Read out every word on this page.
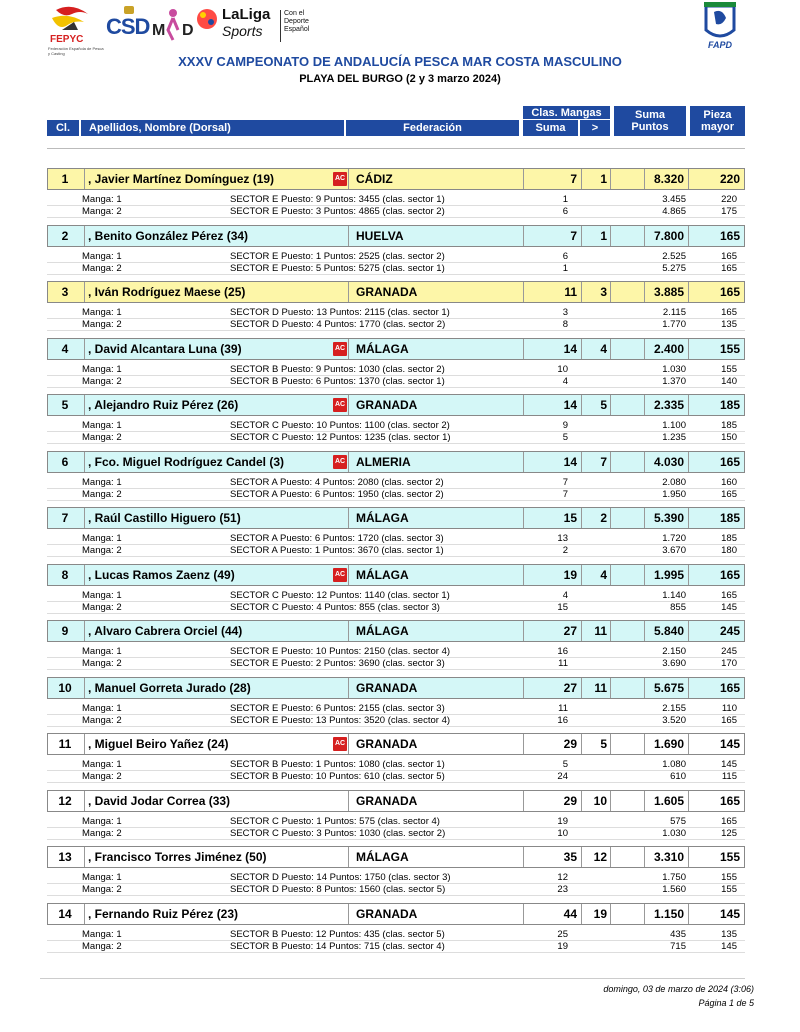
FEPYC
Federación Española de Pesca y Casting
CSD M D
LaLiga
Sports
Con el Deporte Español
FAPD
XXXV CAMPEONATO DE ANDALUCÍA PESCA MAR COSTA MASCULINO
PLAYA DEL BURGO (2 y 3 marzo 2024)
Cl.	Apellidos, Nombre (Dorsal)	Federación
Clas. Mangas
Suma	>
Suma Puntos
Pieza mayor
1	, Javier Martínez Domínguez (19)	AC CÁDIZ	7	1	8.320	220
Manga: 1	SECTOR E Puesto: 9 Puntos: 3455 (clas. sector 1)	1	3.455	220
Manga: 2	SECTOR E Puesto: 3 Puntos: 4865 (clas. sector 2)	6	4.865	175
2	, Benito González Pérez (34)	HUELVA	7	1	7.800	165
Manga: 1	SECTOR E Puesto: 1 Puntos: 2525 (clas. sector 2)	6	2.525	165
Manga: 2	SECTOR E Puesto: 5 Puntos: 5275 (clas. sector 1)	1	5.275	165
3	, Iván Rodríguez Maese (25)	GRANADA	11	3	3.885	165
Manga: 1	SECTOR D Puesto: 13 Puntos: 2115 (clas. sector 1)	3	2.115	165
Manga: 2	SECTOR D Puesto: 4 Puntos: 1770 (clas. sector 2)	8	1.770	135
4	, David Alcantara Luna (39)	AC MÁLAGA	14	4	2.400	155
Manga: 1	SECTOR B Puesto: 9 Puntos: 1030 (clas. sector 2)	10	1.030	155
Manga: 2	SECTOR B Puesto: 6 Puntos: 1370 (clas. sector 1)	4	1.370	140
5	, Alejandro Ruiz Pérez (26)	AC GRANADA	14	5	2.335	185
Manga: 1	SECTOR C Puesto: 10 Puntos: 1100 (clas. sector 2)	9	1.100	185
Manga: 2	SECTOR C Puesto: 12 Puntos: 1235 (clas. sector 1)	5	1.235	150
6	, Fco. Miguel Rodríguez Candel (3)	AC ALMERIA	14	7	4.030	165
Manga: 1	SECTOR A Puesto: 4 Puntos: 2080 (clas. sector 2)	7	2.080	160
Manga: 2	SECTOR A Puesto: 6 Puntos: 1950 (clas. sector 2)	7	1.950	165
7	, Raúl Castillo Higuero (51)	MÁLAGA	15	2	5.390	185
Manga: 1	SECTOR A Puesto: 6 Puntos: 1720 (clas. sector 3)	13	1.720	185
Manga: 2	SECTOR A Puesto: 1 Puntos: 3670 (clas. sector 1)	2	3.670	180
8	, Lucas Ramos Zaenz (49)	AC MÁLAGA	19	4	1.995	165
Manga: 1	SECTOR C Puesto: 12 Puntos: 1140 (clas. sector 1)	4	1.140	165
Manga: 2	SECTOR C Puesto: 4 Puntos: 855 (clas. sector 3)	15	855	145
9	, Alvaro Cabrera Orciel (44)	MÁLAGA	27	11	5.840	245
Manga: 1	SECTOR E Puesto: 10 Puntos: 2150 (clas. sector 4)	16	2.150	245
Manga: 2	SECTOR E Puesto: 2 Puntos: 3690 (clas. sector 3)	11	3.690	170
10	, Manuel Gorreta Jurado (28)	GRANADA	27	11	5.675	165
Manga: 1	SECTOR E Puesto: 6 Puntos: 2155 (clas. sector 3)	11	2.155	110
Manga: 2	SECTOR E Puesto: 13 Puntos: 3520 (clas. sector 4)	16	3.520	165
11	, Miguel Beiro Yañez (24)	AC GRANADA	29	5	1.690	145
Manga: 1	SECTOR B Puesto: 1 Puntos: 1080 (clas. sector 1)	5	1.080	145
Manga: 2	SECTOR B Puesto: 10 Puntos: 610 (clas. sector 5)	24	610	115
12	, David Jodar Correa (33)	GRANADA	29	10	1.605	165
Manga: 1	SECTOR C Puesto: 1 Puntos: 575 (clas. sector 4)	19	575	165
Manga: 2	SECTOR C Puesto: 3 Puntos: 1030 (clas. sector 2)	10	1.030	125
13	, Francisco Torres Jiménez (50)	MÁLAGA	35	12	3.310	155
Manga: 1	SECTOR D Puesto: 14 Puntos: 1750 (clas. sector 3)	12	1.750	155
Manga: 2	SECTOR D Puesto: 8 Puntos: 1560 (clas. sector 5)	23	1.560	155
14	, Fernando Ruiz Pérez (23)	GRANADA	44	19	1.150	145
Manga: 1	SECTOR B Puesto: 12 Puntos: 435 (clas. sector 5)	25	435	135
Manga: 2	SECTOR B Puesto: 14 Puntos: 715 (clas. sector 4)	19	715	145
domingo, 03 de marzo de 2024 (3:06)
Página 1 de 5
